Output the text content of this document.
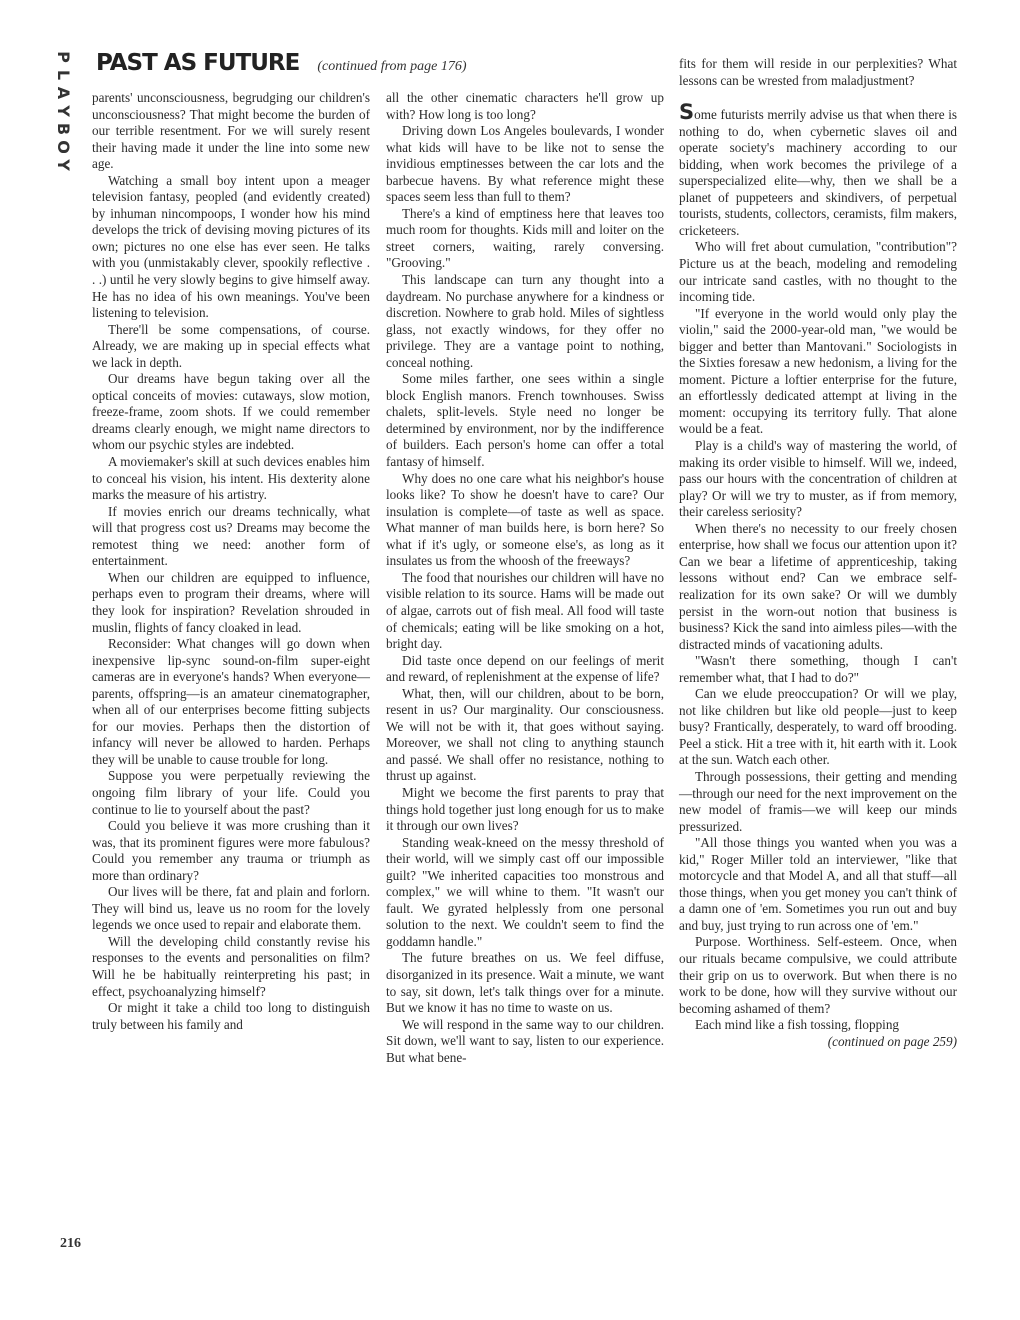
P
L
A
Y
B
O
Y
PAST AS FUTURE (continued from page 176)

parents' unconsciousness, begrudging our children's unconsciousness? That might become the burden of our terrible resentment. For we will surely resent their having made it under the line into some new age.

Watching a small boy intent upon a meager television fantasy, peopled (and evidently created) by inhuman nincompoops, I wonder how his mind develops the trick of devising moving pictures of its own; pictures no one else has ever seen. He talks with you (unmistakably clever, spookily reflective . . .) until he very slowly begins to give himself away. He has no idea of his own meanings. You've been listening to television.

There'll be some compensations, of course. Already, we are making up in special effects what we lack in depth.

Our dreams have begun taking over all the optical conceits of movies: cutaways, slow motion, freeze-frame, zoom shots. If we could remember dreams clearly enough, we might name directors to whom our psychic styles are indebted.

A moviemaker's skill at such devices enables him to conceal his vision, his intent. His dexterity alone marks the measure of his artistry.

If movies enrich our dreams technically, what will that progress cost us? Dreams may become the remotest thing we need: another form of entertainment.

When our children are equipped to influence, perhaps even to program their dreams, where will they look for inspiration? Revelation shrouded in muslin, flights of fancy cloaked in lead.

Reconsider: What changes will go down when inexpensive lip-sync sound-on-film super-eight cameras are in everyone's hands? When everyone—parents, offspring—is an amateur cinematographer, when all of our enterprises become fitting subjects for our movies. Perhaps then the distortion of infancy will never be allowed to harden. Perhaps they will be unable to cause trouble for long.

Suppose you were perpetually reviewing the ongoing film library of your life. Could you continue to lie to yourself about the past?

Could you believe it was more crushing than it was, that its prominent figures were more fabulous? Could you remember any trauma or triumph as more than ordinary?

Our lives will be there, fat and plain and forlorn. They will bind us, leave us no room for the lovely legends we once used to repair and elaborate them.

Will the developing child constantly revise his responses to the events and personalities on film? Will he be habitually reinterpreting his past; in effect, psychoanalyzing himself?

Or might it take a child too long to distinguish truly between his family and

all the other cinematic characters he'll grow up with? How long is too long?

Driving down Los Angeles boulevards, I wonder what kids will have to be like not to sense the invidious emptinesses between the car lots and the barbecue havens. By what reference might these spaces seem less than full to them?

There's a kind of emptiness here that leaves too much room for thoughts. Kids mill and loiter on the street corners, waiting, rarely conversing. "Grooving."

This landscape can turn any thought into a daydream. No purchase anywhere for a kindness or discretion. Nowhere to grab hold. Miles of sightless glass, not exactly windows, for they offer no privilege. They are a vantage point to nothing, conceal nothing.

Some miles farther, one sees within a single block English manors. French townhouses. Swiss chalets, split-levels. Style need no longer be determined by environment, nor by the indifference of builders. Each person's home can offer a total fantasy of himself.

Why does no one care what his neighbor's house looks like? To show he doesn't have to care? Our insulation is complete—of taste as well as space. What manner of man builds here, is born here? So what if it's ugly, or someone else's, as long as it insulates us from the whoosh of the freeways?

The food that nourishes our children will have no visible relation to its source. Hams will be made out of algae, carrots out of fish meal. All food will taste of chemicals; eating will be like smoking on a hot, bright day.

Did taste once depend on our feelings of merit and reward, of replenishment at the expense of life?

What, then, will our children, about to be born, resent in us? Our marginality. Our consciousness. We will not be with it, that goes without saying. Moreover, we shall not cling to anything staunch and passé. We shall offer no resistance, nothing to thrust up against.

Might we become the first parents to pray that things hold together just long enough for us to make it through our own lives?

Standing weak-kneed on the messy threshold of their world, will we simply cast off our impossible guilt? "We inherited capacities too monstrous and complex," we will whine to them. "It wasn't our fault. We gyrated helplessly from one personal solution to the next. We couldn't seem to find the goddamn handle."

The future breathes on us. We feel diffuse, disorganized in its presence. Wait a minute, we want to say, sit down, let's talk things over for a minute. But we know it has no time to waste on us.

We will respond in the same way to our children. Sit down, we'll want to say, listen to our experience. But what bene-

fits for them will reside in our perplexities? What lessons can be wrested from maladjustment?

Some futurists merrily advise us that when there is nothing to do, when cybernetic slaves oil and operate society's machinery according to our bidding, when work becomes the privilege of a superspecialized elite—why, then we shall be a planet of puppeteers and skindivers, of perpetual tourists, students, collectors, ceramists, film makers, cricketeers.

Who will fret about cumulation, "contribution"? Picture us at the beach, modeling and remodeling our intricate sand castles, with no thought to the incoming tide.

"If everyone in the world would only play the violin," said the 2000-year-old man, "we would be bigger and better than Mantovani." Sociologists in the Sixties foresaw a new hedonism, a living for the moment. Picture a loftier enterprise for the future, an effortlessly dedicated attempt at living in the moment: occupying its territory fully. That alone would be a feat.

Play is a child's way of mastering the world, of making its order visible to himself. Will we, indeed, pass our hours with the concentration of children at play? Or will we try to muster, as if from memory, their careless seriosity?

When there's no necessity to our freely chosen enterprise, how shall we focus our attention upon it? Can we bear a lifetime of apprenticeship, taking lessons without end? Can we embrace self-realization for its own sake? Or will we dumbly persist in the worn-out notion that business is business? Kick the sand into aimless piles—with the distracted minds of vacationing adults.

"Wasn't there something, though I can't remember what, that I had to do?"

Can we elude preoccupation? Or will we play, not like children but like old people—just to keep busy? Frantically, desperately, to ward off brooding. Peel a stick. Hit a tree with it, hit earth with it. Look at the sun. Watch each other.

Through possessions, their getting and mending—through our need for the next improvement on the new model of framis—we will keep our minds pressurized.

"All those things you wanted when you was a kid," Roger Miller told an interviewer, "like that motorcycle and that Model A, and all that stuff—all those things, when you get money you can't think of a damn one of 'em. Sometimes you run out and buy and buy, just trying to run across one of 'em."

Purpose. Worthiness. Self-esteem. Once, when our rituals became compulsive, we could attribute their grip on us to overwork. But when there is no work to be done, how will they survive without our becoming ashamed of them?

Each mind like a fish tossing, flopping

(continued on page 259)

216
